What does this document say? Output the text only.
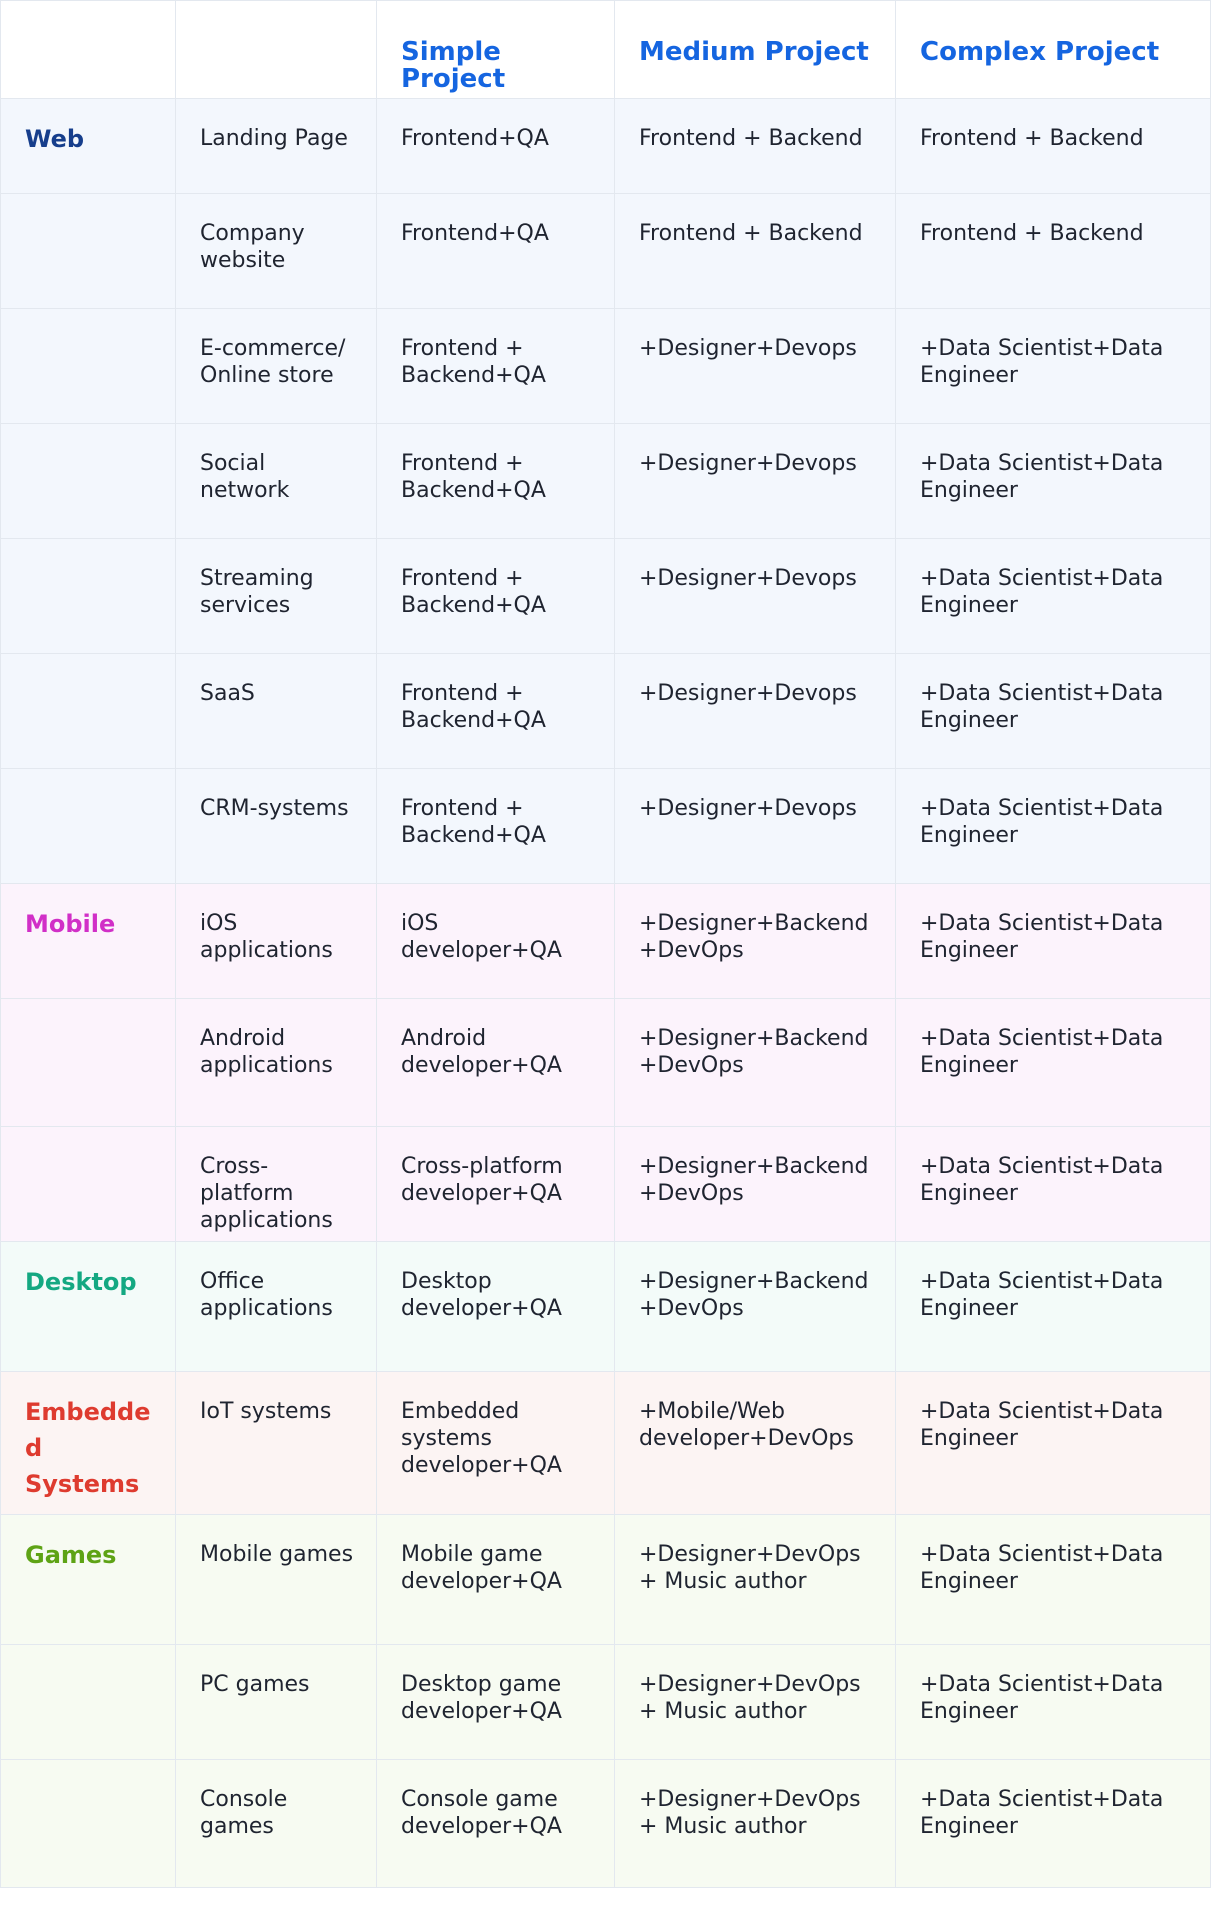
		Simple Project	Medium Project	Complex Project
Web	Landing Page	Frontend+QA	Frontend + Backend	Frontend + Backend
	Company website	Frontend+QA	Frontend + Backend	Frontend + Backend
	E-commerce/ Online store	Frontend + Backend+QA	+Designer+Devops	+Data Scientist+Data Engineer
	Social network	Frontend + Backend+QA	+Designer+Devops	+Data Scientist+Data Engineer
	Streaming services	Frontend + Backend+QA	+Designer+Devops	+Data Scientist+Data Engineer
	SaaS	Frontend + Backend+QA	+Designer+Devops	+Data Scientist+Data Engineer
	CRM-systems	Frontend + Backend+QA	+Designer+Devops	+Data Scientist+Data Engineer
Mobile	iOS applications	iOS developer+QA	+Designer+Backend +DevOps	+Data Scientist+Data Engineer
	Android applications	Android developer+QA	+Designer+Backend +DevOps	+Data Scientist+Data Engineer
	Cross-platform applications	Cross-platform developer+QA	+Designer+Backend +DevOps	+Data Scientist+Data Engineer
Desktop	Office applications	Desktop developer+QA	+Designer+Backend +DevOps	+Data Scientist+Data Engineer
Embedded Systems	IoT systems	Embedded systems developer+QA	+Mobile/Web developer+DevOps	+Data Scientist+Data Engineer
Games	Mobile games	Mobile game developer+QA	+Designer+DevOps+ Music author	+Data Scientist+Data Engineer
	PC games	Desktop game developer+QA	+Designer+DevOps+ Music author	+Data Scientist+Data Engineer
	Console games	Console game developer+QA	+Designer+DevOps+ Music author	+Data Scientist+Data Engineer
